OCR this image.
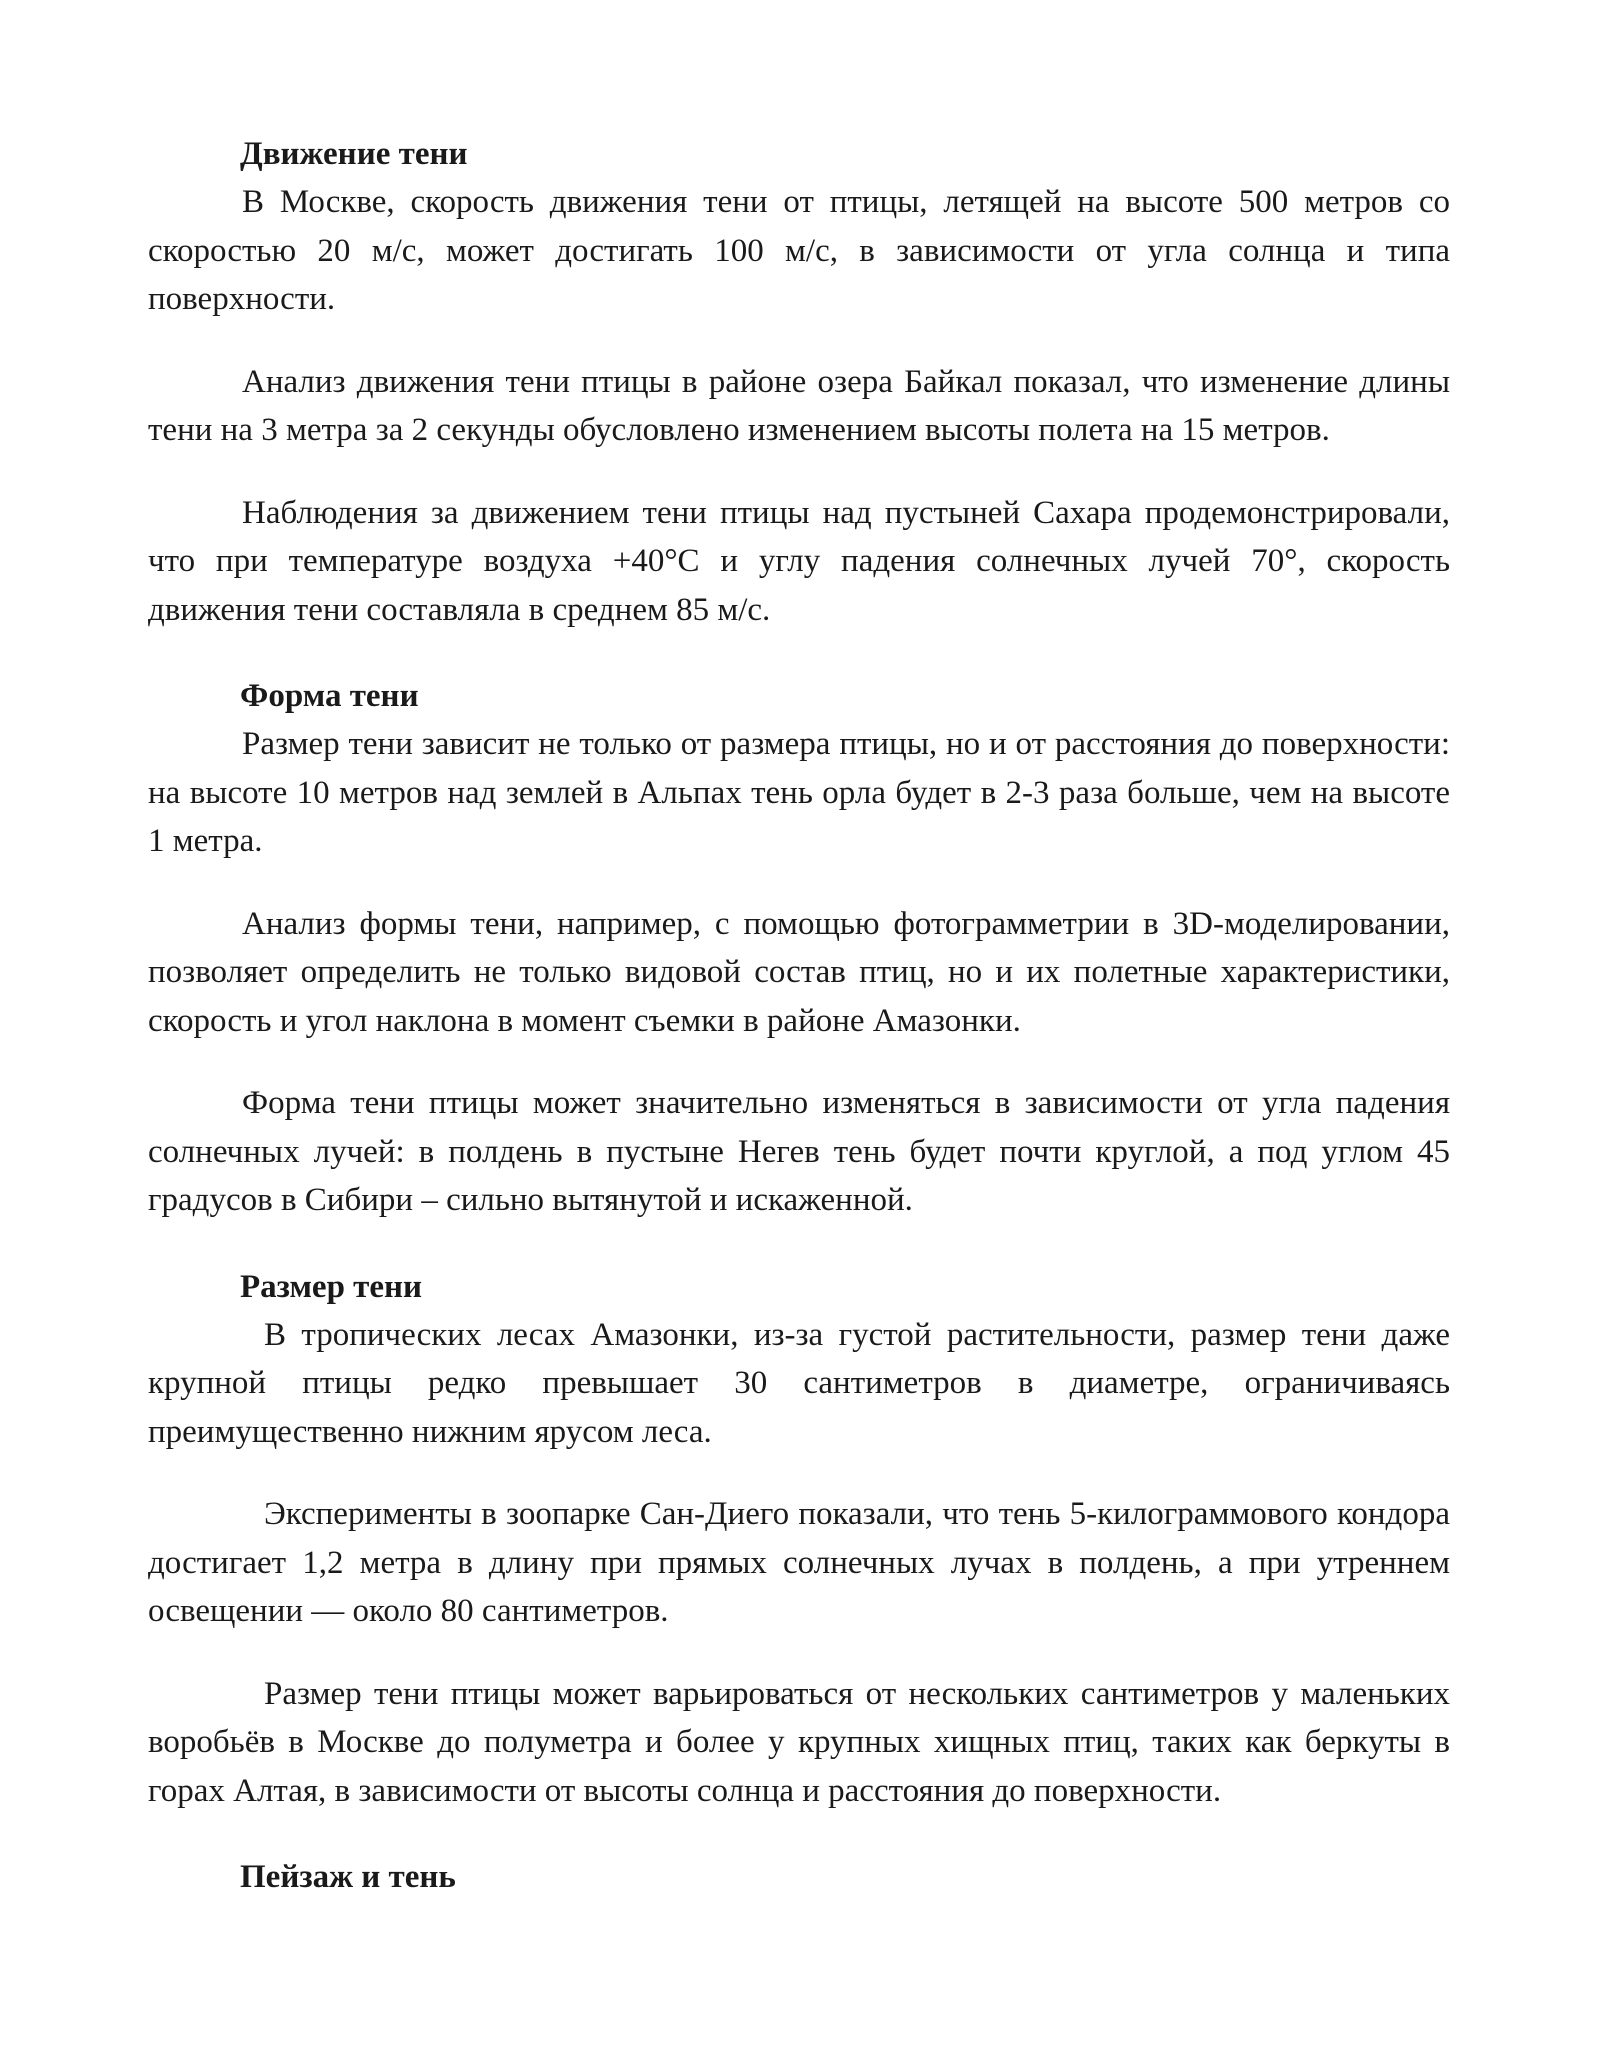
Движение тени

В Москве, скорость движения тени от птицы, летящей на высоте 500 метров со скоростью 20 м/с, может достигать 100 м/с, в зависимости от угла солнца и типа поверхности.

Анализ движения тени птицы в районе озера Байкал показал, что изменение длины тени на 3 метра за 2 секунды обусловлено изменением высоты полета на 15 метров.

Наблюдения за движением тени птицы над пустыней Сахара продемонстрировали, что при температуре воздуха +40°C и углу падения солнечных лучей 70°, скорость движения тени составляла в среднем 85 м/с.

Форма тени

Размер тени зависит не только от размера птицы, но и от расстояния до поверхности: на высоте 10 метров над землей в Альпах тень орла будет в 2-3 раза больше, чем на высоте 1 метра.

Анализ формы тени, например, с помощью фотограмметрии в 3D-моделировании, позволяет определить не только видовой состав птиц, но и их полетные характеристики, скорость и угол наклона в момент съемки в районе Амазонки.

Форма тени птицы может значительно изменяться в зависимости от угла падения солнечных лучей: в полдень в пустыне Негев тень будет почти круглой, а под углом 45 градусов в Сибири – сильно вытянутой и искаженной.

Размер тени

В тропических лесах Амазонки, из-за густой растительности, размер тени даже крупной птицы редко превышает 30 сантиметров в диаметре, ограничиваясь преимущественно нижним ярусом леса.

Эксперименты в зоопарке Сан-Диего показали, что тень 5-килограммового кондора достигает 1,2 метра в длину при прямых солнечных лучах в полдень, а при утреннем освещении — около 80 сантиметров.

Размер тени птицы может варьироваться от нескольких сантиметров у маленьких воробьёв в Москве до полуметра и более у крупных хищных птиц, таких как беркуты в горах Алтая, в зависимости от высоты солнца и расстояния до поверхности.

Пейзаж и тень
